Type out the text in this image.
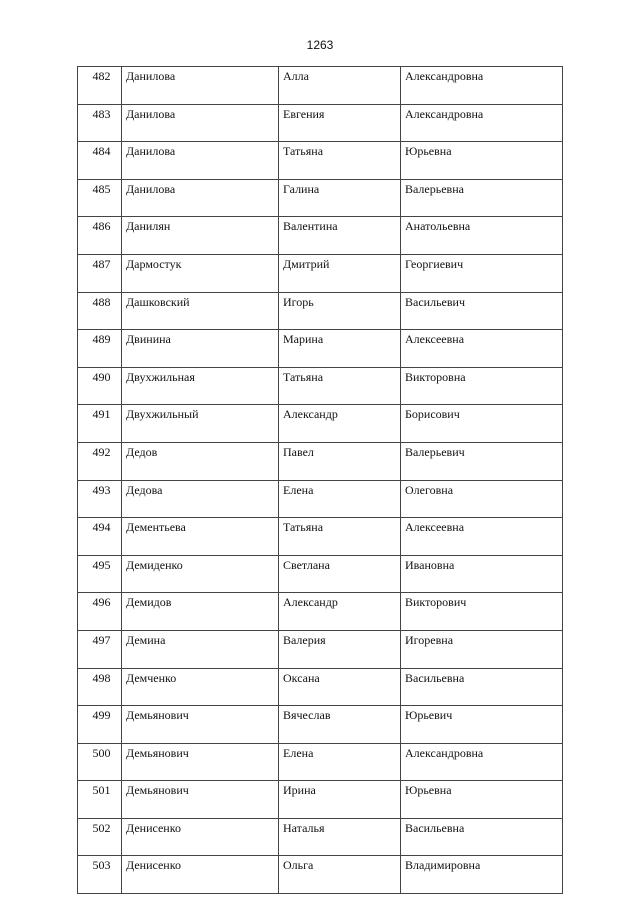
1263
482	Данилова	Алла	Александровна
483	Данилова	Евгения	Александровна
484	Данилова	Татьяна	Юрьевна
485	Данилова	Галина	Валерьевна
486	Данилян	Валентина	Анатольевна
487	Дармостук	Дмитрий	Георгиевич
488	Дашковский	Игорь	Васильевич
489	Двинина	Марина	Алексеевна
490	Двухжильная	Татьяна	Викторовна
491	Двухжильный	Александр	Борисович
492	Дедов	Павел	Валерьевич
493	Дедова	Елена	Олеговна
494	Дементьева	Татьяна	Алексеевна
495	Демиденко	Светлана	Ивановна
496	Демидов	Александр	Викторович
497	Демина	Валерия	Игоревна
498	Демченко	Оксана	Васильевна
499	Демьянович	Вячеслав	Юрьевич
500	Демьянович	Елена	Александровна
501	Демьянович	Ирина	Юрьевна
502	Денисенко	Наталья	Васильевна
503	Денисенко	Ольга	Владимировна
